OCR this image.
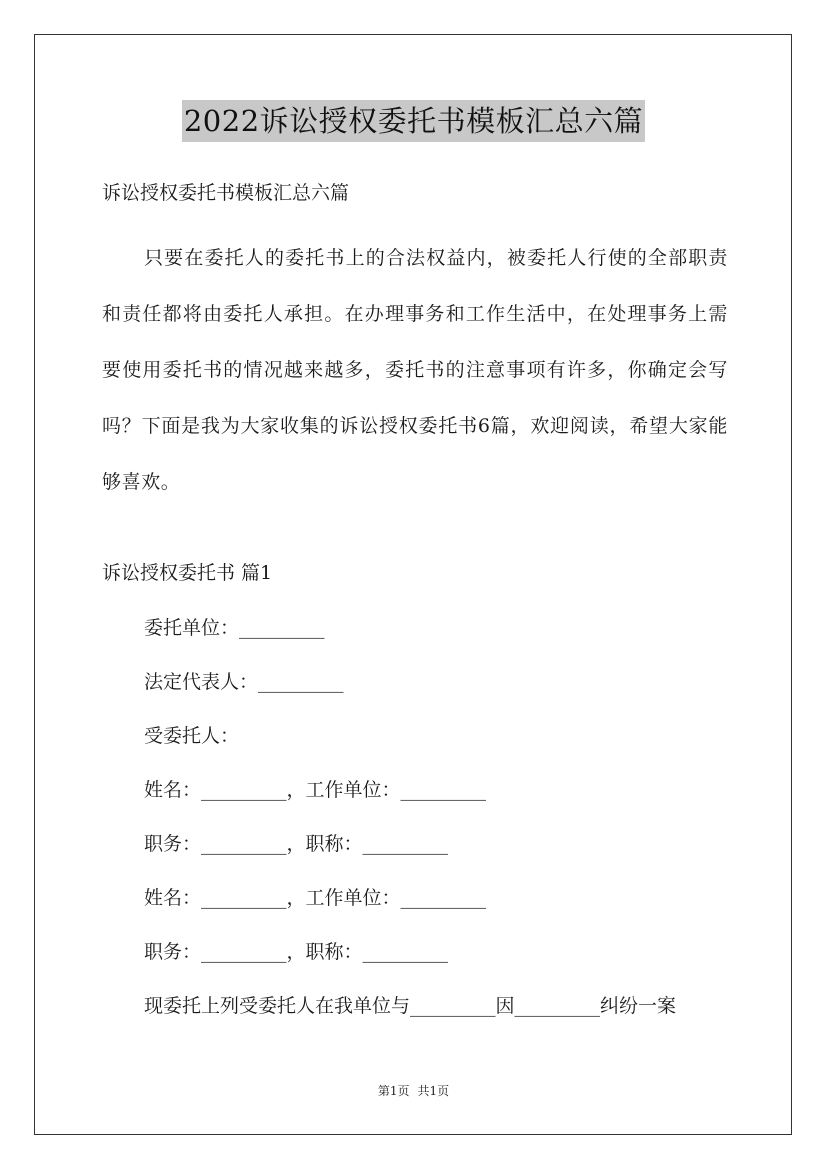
2022诉讼授权委托书模板汇总六篇
诉讼授权委托书模板汇总六篇
只要在委托人的委托书上的合法权益内，被委托人行使的全部职责和责任都将由委托人承担。在办理事务和工作生活中，在处理事务上需要使用委托书的情况越来越多，委托书的注意事项有许多，你确定会写吗？下面是我为大家收集的诉讼授权委托书6篇，欢迎阅读，希望大家能够喜欢。
诉讼授权委托书 篇1
委托单位：_________
法定代表人：_________
受委托人：
姓名：_________，工作单位：_________
职务：_________，职称：_________
姓名：_________，工作单位：_________
职务：_________，职称：_________
现委托上列受委托人在我单位与_________因_________纠纷一案
第1页 共1页
